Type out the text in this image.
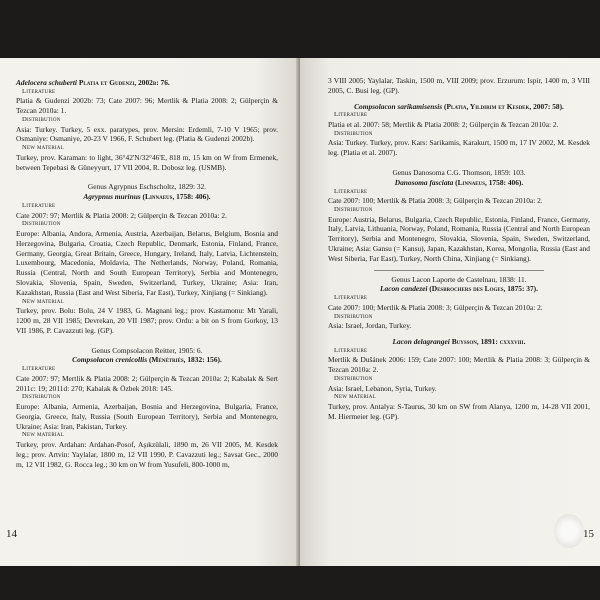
Adelocera schuberti Platia et Gudenzi, 2002b: 76.

Literature

Platia & Gudenzi 2002b: 73; Cate 2007: 96; Mertlik & Platia 2008: 2; Gülperçin & Tezcan 2010a: 1.

Distribution

Asia: Turkey. Turkey, 5 exx. paratypes, prov. Mersin: Erdemli, 7-10 V 1965; prov. Osmaniye: Osmaniye, 20-23 V 1966, F. Schubert leg. (Platia & Gudenzi 2002b).

New material

Turkey, prov. Karaman: to light, 36°42'N/32°46'E, 818 m, 15 km on W from Ermenek, between Tepebasi & Güneyyurt, 17 VII 2004, R. Dobosz leg. (USMB).

Genus Agrypnus Eschscholtz, 1829: 32.

Agrypnus murinus (Linnaeus, 1758: 406).

Literature

Cate 2007: 97; Mertlik & Platia 2008: 2; Gülperçin & Tezcan 2010a: 2.

Distribution

Europe: Albania, Andora, Armenia, Austria, Azerbaijan, Belarus, Belgium, Bosnia and Herzegovina, Bulgaria, Croatia, Czech Republic, Denmark, Estonia, Finland, France, Germany, Georgia, Great Britain, Greece, Hungary, Ireland, Italy, Latvia, Lichtenstein, Luxembourg, Macedonia, Moldavia, The Netherlands, Norway, Poland, Romania, Russia (Central, North and South European Territory), Serbia and Montenegro, Slovakia, Slovenia, Spain, Sweden, Switzerland, Turkey, Ukraine; Asia: Iran, Kazakhstan, Russia (East and West Siberia, Far East), Turkey, Xinjiang (= Sinkiang).

New material

Turkey, prov. Bolu: Bolu, 24 V 1983, G. Magnani leg.; prov. Kastamonu: Mt Yarali, 1200 m, 28 VII 1985; Devrekan, 20 VII 1987; prov. Ordu: a bit on S from Gorkoy, 13 VII 1986, P. Cavazzuti leg. (GP).

Genus Compsolacon Reitter, 1905: 6.

Compsolacon crenicollis (Ménétriés, 1832: 156).

Literature

Cate 2007: 97; Mertlik & Platia 2008: 2; Gülperçin & Tezcan 2010a: 2; Kabalak & Sert 2011c: 19; 2011d: 270; Kabalak & Özbek 2018: 145.

Distribution

Europe: Albania, Armenia, Azerbaijan, Bosnia and Herzegovina, Bulgaria, France, Georgia, Greece, Italy, Russia (South European Territory), Serbia and Montenegro, Ukraine; Asia: Iran, Pakistan, Turkey.

New material

Turkey, prov. Ardahan: Ardahan-Posof, Aşıkzülali, 1890 m, 26 VII 2005, M. Kesdek leg.; prov. Artvin: Yaylalar, 1800 m, 12 VII 1990, P. Cavazzuti leg.; Savsat Gec., 2000 m, 12 VII 1982, G. Rocca leg.; 30 km on W from Yusufeli, 800-1000 m,

14

3 VIII 2005; Yaylalar, Taskin, 1500 m, VIII 2009; prov. Erzurum: Ispir, 1400 m, 3 VIII 2005, C. Busi leg. (GP).

Compsolacon sarikamisensis (Platia, Yildirim et Kesdek, 2007: 58).

Literature

Platia et al. 2007: 58; Mertlik & Platia 2008: 2; Gülperçin & Tezcan 2010a: 2.

Distribution

Asia: Turkey. Turkey, prov. Kars: Sarikamis, Karakurt, 1500 m, 17 IV 2002, M. Kesdek leg. (Platia et al. 2007).

Genus Danosoma C.G. Thomson, 1859: 103.

Danosoma fasciata (Linnaeus, 1758: 406).

Literature

Cate 2007: 100; Mertlik & Platia 2008: 3; Gülperçin & Tezcan 2010a: 2.

Distribution

Europe: Austria, Belarus, Bulgaria, Czech Republic, Estonia, Finland, France, Germany, Italy, Latvia, Lithuania, Norway, Poland, Romania, Russia (Central and North European Territory), Serbia and Montenegro, Slovakia, Slovenia, Spain, Sweden, Switzerland, Ukraine; Asia: Gansu (= Kansu), Japan, Kazakhstan, Korea, Mongolia, Russia (East and West Siberia, Far East), Turkey, North China, Xinjiang (= Sinkiang).

Genus Lacon Laporte de Castelnau, 1838: 11.

Lacon candezei (Desbrochers des Loges, 1875: 37).

Literature

Cate 2007: 100; Mertlik & Platia 2008: 3; Gülperçin & Tezcan 2010a: 2.

Distribution

Asia: Israel, Jordan, Turkey.

Lacon delagrangei Buysson, 1891: cxxxviii.

Literature

Mertlik & Dušánek 2006: 159; Cate 2007: 100; Mertlik & Platia 2008: 3; Gülperçin & Tezcan 2010a: 2.

Distribution

Asia: Israel, Lebanon, Syria, Turkey.

New material

Turkey, prov. Antalya: S-Taurus, 30 km on SW from Alanya, 1200 m, 14-28 VII 2001, M. Hiermeier leg. (GP).

15
